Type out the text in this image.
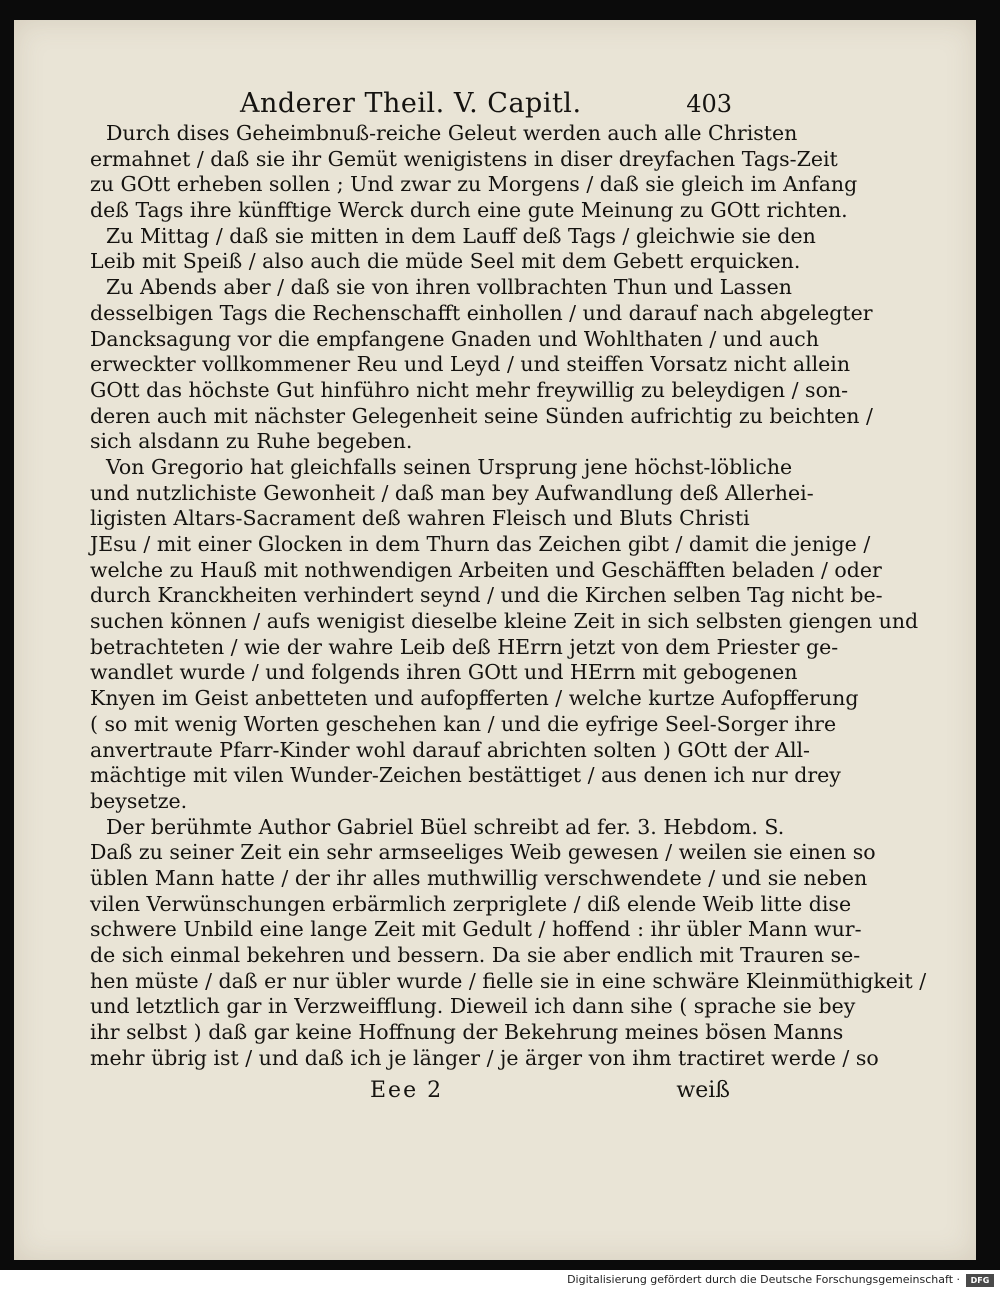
Anderer Theil. V. Capitl.	403
Durch dises Geheimbnuß-reiche Geleut werden auch alle Christen
ermahnet / daß sie ihr Gemüt wenigistens in diser dreyfachen Tags-Zeit
zu GOtt erheben sollen ; Und zwar zu Morgens / daß sie gleich im Anfang
deß Tags ihre künfftige Werck durch eine gute Meinung zu GOtt richten.
Zu Mittag / daß sie mitten in dem Lauff deß Tags / gleichwie sie den
Leib mit Speiß / also auch die müde Seel mit dem Gebett erquicken.
Zu Abends aber / daß sie von ihren vollbrachten Thun und Lassen
desselbigen Tags die Rechenschafft einhollen / und darauf nach abgelegter
Dancksagung vor die empfangene Gnaden und Wohlthaten / und auch
erweckter vollkommener Reu und Leyd / und steiffen Vorsatz nicht allein
GOtt das höchste Gut hinführo nicht mehr freywillig zu beleydigen / son-
deren auch mit nächster Gelegenheit seine Sünden aufrichtig zu beichten /
sich alsdann zu Ruhe begeben.
Von Gregorio hat gleichfalls seinen Ursprung jene höchst-löbliche
und nutzlichiste Gewonheit / daß man bey Aufwandlung deß Allerhei-
ligisten Altars-Sacrament deß wahren Fleisch und Bluts Christi
JEsu / mit einer Glocken in dem Thurn das Zeichen gibt / damit die jenige /
welche zu Hauß mit nothwendigen Arbeiten und Geschäfften beladen / oder
durch Kranckheiten verhindert seynd / und die Kirchen selben Tag nicht be-
suchen können / aufs wenigist dieselbe kleine Zeit in sich selbsten giengen und
betrachteten / wie der wahre Leib deß HErrn jetzt von dem Priester ge-
wandlet wurde / und folgends ihren GOtt und HErrn mit gebogenen
Knyen im Geist anbetteten und aufopfferten / welche kurtze Aufopfferung
( so mit wenig Worten geschehen kan / und die eyfrige Seel-Sorger ihre
anvertraute Pfarr-Kinder wohl darauf abrichten solten ) GOtt der All-
mächtige mit vilen Wunder-Zeichen bestättiget / aus denen ich nur drey
beysetze.
Der berühmte Author Gabriel Büel schreibt ad fer. 3. Hebdom. S.
Daß zu seiner Zeit ein sehr armseeliges Weib gewesen / weilen sie einen so
üblen Mann hatte / der ihr alles muthwillig verschwendete / und sie neben
vilen Verwünschungen erbärmlich zerpriglete / diß elende Weib litte dise
schwere Unbild eine lange Zeit mit Gedult / hoffend : ihr übler Mann wur-
de sich einmal bekehren und bessern. Da sie aber endlich mit Trauren se-
hen müste / daß er nur übler wurde / fielle sie in eine schwäre Kleinmüthigkeit /
und letztlich gar in Verzweifflung. Dieweil ich dann sihe ( sprache sie bey
ihr selbst ) daß gar keine Hoffnung der Bekehrung meines bösen Manns
mehr übrig ist / und daß ich je länger / je ärger von ihm tractiret werde / so
Eee 2	weiß
Digitalisierung gefördert durch die Deutsche Forschungsgemeinschaft ·	DFG
